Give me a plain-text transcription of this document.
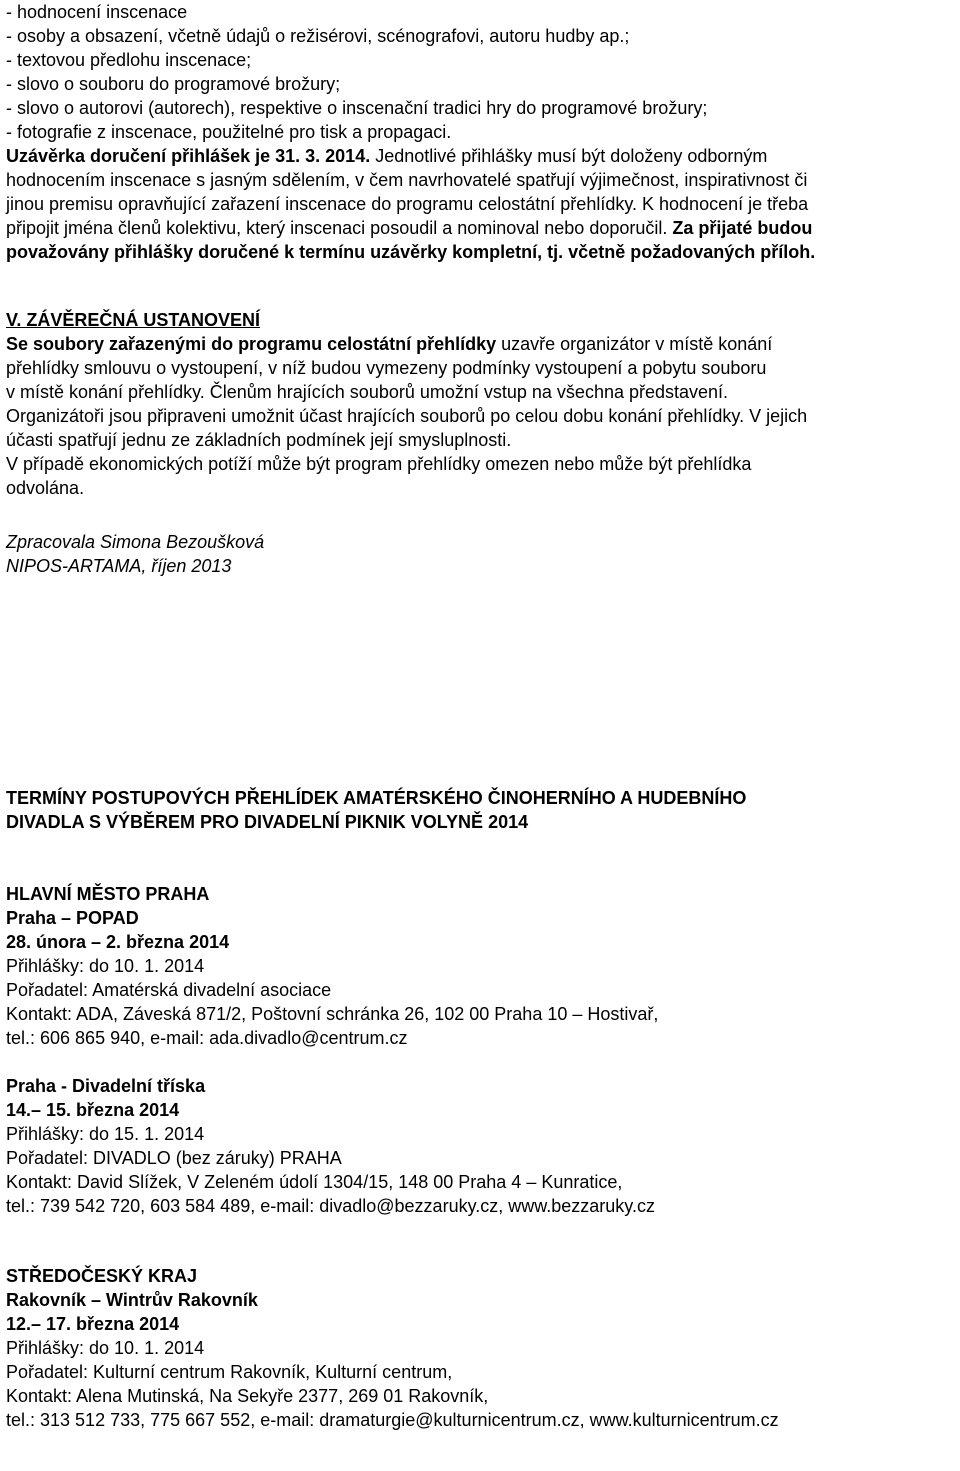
- hodnocení inscenace
- osoby a obsazení, včetně údajů o režisérovi, scénografovi, autoru hudby ap.;
- textovou předlohu inscenace;
- slovo o souboru do programové brožury;
- slovo o autorovi (autorech), respektive o inscenační tradici hry do programové brožury;
- fotografie z inscenace, použitelné pro tisk a propagaci.
Uzávěrka doručení přihlášek je 31. 3. 2014. Jednotlivé přihlášky musí být doloženy odborným
hodnocením inscenace s jasným sdělením, v čem navrhovatelé spatřují výjimečnost, inspirativnost či
jinou premisu opravňující zařazení inscenace do programu celostátní přehlídky. K hodnocení je třeba
připojit jména členů kolektivu, který inscenaci posoudil a nominoval nebo doporučil. Za přijaté budou
považovány přihlášky doručené k termínu uzávěrky kompletní, tj. včetně požadovaných příloh.
V. ZÁVĚREČNÁ USTANOVENÍ
Se soubory zařazenými do programu celostátní přehlídky uzavře organizátor v místě konání
přehlídky smlouvu o vystoupení, v níž budou vymezeny podmínky vystoupení a pobytu souboru
v místě konání přehlídky. Členům hrajících souborů umožní vstup na všechna představení.
Organizátoři jsou připraveni umožnit účast hrajících souborů po celou dobu konání přehlídky. V jejich
účasti spatřují jednu ze základních podmínek její smysluplnosti.
V případě ekonomických potíží může být program přehlídky omezen nebo může být přehlídka
odvolána.
Zpracovala Simona Bezoušková
NIPOS-ARTAMA, říjen 2013
TERMÍNY POSTUPOVÝCH PŘEHLÍDEK AMATÉRSKÉHO ČINOHERNÍHO A HUDEBNÍHO
DIVADLA S VÝBĚREM PRO DIVADELNÍ PIKNIK VOLYNĚ 2014
HLAVNÍ MĚSTO PRAHA
Praha – POPAD
28. února – 2. března 2014
Přihlášky: do 10. 1. 2014
Pořadatel: Amatérská divadelní asociace
Kontakt: ADA, Záveská 871/2, Poštovní schránka 26, 102 00 Praha 10 – Hostivař,
tel.: 606 865 940, e-mail: ada.divadlo@centrum.cz
Praha - Divadelní tříska
14.– 15. března 2014
Přihlášky: do 15. 1. 2014
Pořadatel: DIVADLO (bez záruky) PRAHA
Kontakt: David Slížek, V Zeleném údolí 1304/15, 148 00 Praha 4 – Kunratice,
tel.: 739 542 720, 603 584 489, e-mail: divadlo@bezzaruky.cz, www.bezzaruky.cz
STŘEDOČESKÝ KRAJ
Rakovník – Wintrův Rakovník
12.– 17. března 2014
Přihlášky: do 10. 1. 2014
Pořadatel: Kulturní centrum Rakovník, Kulturní centrum,
Kontakt: Alena Mutinská, Na Sekyře 2377, 269 01 Rakovník,
tel.: 313 512 733, 775 667 552, e-mail: dramaturgie@kulturnicentrum.cz, www.kulturnicentrum.cz
